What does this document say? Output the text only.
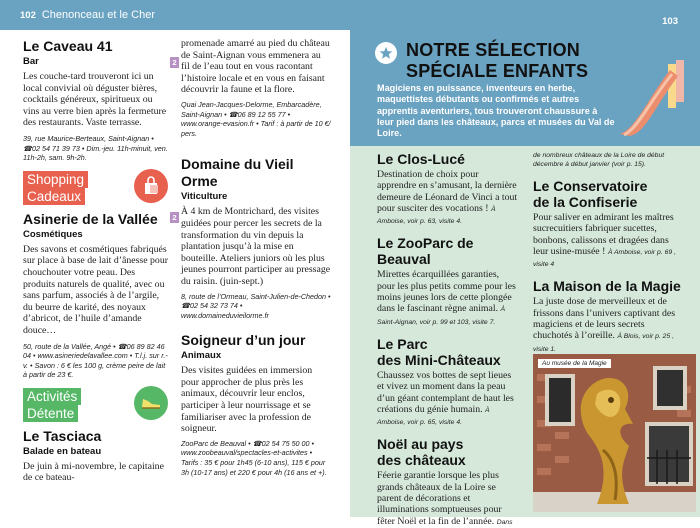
102 Chenonceau et le Cher
Le Caveau 41
Bar	2
Les couche-tard trouveront ici un local convivial où déguster bières, cocktails généreux, spiritueux ou vins au verre bien après la fermeture des restaurants. Vaste terrasse.
39, rue Maurice-Berteaux, Saint-Aignan • ☎02 54 71 39 73 • Dim.-jeu. 11h-minuit, ven. 11h-2h, sam. 9h-2h.
Shopping
Cadeaux
Asinerie de la Vallée
Cosmétiques
2
Des savons et cosmétiques fabriqués sur place à base de lait d’ânesse pour chouchouter votre peau. Des produits naturels de qualité, avec ou sans parfum, associés à de l’argile, du beurre de karité, des noyaux d’abricot, de l’huile d’amande douce…
50, route de la Vallée, Angé • ☎06 89 82 46 04 • www.asineriedelavallee.com • T.l.j. sur r.-v. • Savon : 6 € les 100 g, crème peire de lait à partir de 23 €.
Activités
Détente
Le Tasciaca
Balade en bateau
De juin à mi-novembre, le capitaine de ce bateau-
promenade amarré au pied du château de Saint-Aignan vous emmenera au fil de l’eau tout en vous racontant l’histoire locale et en vous en faisant découvrir la faune et la flore.
Quai Jean-Jacques-Delorme, Embarcadère, Saint-Aignan • ☎06 89 12 55 77 • www.orange-evasion.fr • Tarif : à partir de 10 €/ pers.
Domaine du Vieil Orme
Viticulture
À 4 km de Montrichard, des visites guidées pour percer les secrets de la transformation du vin depuis la plantation jusqu’à la mise en bouteille. Ateliers juniors où les plus jeunes pourront participer au pressage du raisin. (juin-sept.)
8, route de l’Ormeau, Saint-Julien-de-Chedon • ☎02 54 32 73 74 • www.domaineduvieilorme.fr
Soigneur d’un jour
Animaux
Des visites guidées en immersion pour approcher de plus près les animaux, découvrir leur enclos, participer à leur nourrissage et se familiariser avec la profession de soigneur.
ZooParc de Beauval • ☎02 54 75 50 00 • www.zoobeauval/spectacles-et-activites • Tarifs : 35 € pour 1h45 (6-10 ans), 115 € pour 3h (10-17 ans) et 220 € pour 4h (16 ans et +).
103
NOTRE SÉLECTION
SPÉCIALE ENFANTS
Magiciens en puissance, inventeurs en herbe, maquettistes débutants ou confirmés et autres apprentis aventuriers, tous trouveront chaussure à leur pied dans les châteaux, parcs et musées du Val de Loire.
Le Clos-Lucé
Destination de choix pour apprendre en s’amusant, la dernière demeure de Léonard de Vinci a tout pour susciter des vocations ! À Amboise, voir p. 63, visite 4.
Le ZooParc de Beauval
Mirettes écarquillées garanties, pour les plus petits comme pour les moins jeunes lors de cette plongée dans le fascinant règne animal. À Saint-Aignan, voir p. 99 et 103, visite 7.
Le Parc
des Mini-Châteaux
Chaussez vos bottes de sept lieues et vivez un moment dans la peau d’un géant contemplant de haut les créations du génie humain. À Amboise, voir p. 65, visite 4.
Noël au pays
des châteaux
Féerie garantie lorsque les plus grands châteaux de la Loire se parent de décorations et illuminations somptueuses pour fêter Noël et la fin de l’année. Dans
de nombreux châteaux de la Loire de début décembre à début janvier (voir p. 15).
Le Conservatoire
de la Confiserie
Pour saliver en admirant les maîtres sucrecuitiers fabriquer sucettes, bonbons, calissons et dragées dans leur usine-musée ! À Amboise, voir p. 69 , visite 4
La Maison de la Magie
La juste dose de merveilleux et de frissons dans l’univers captivant des magiciens et de leurs secrets chuchotés à l’oreille. À Blois, voir p. 25 , visite 1.
Au musée de la Magie
